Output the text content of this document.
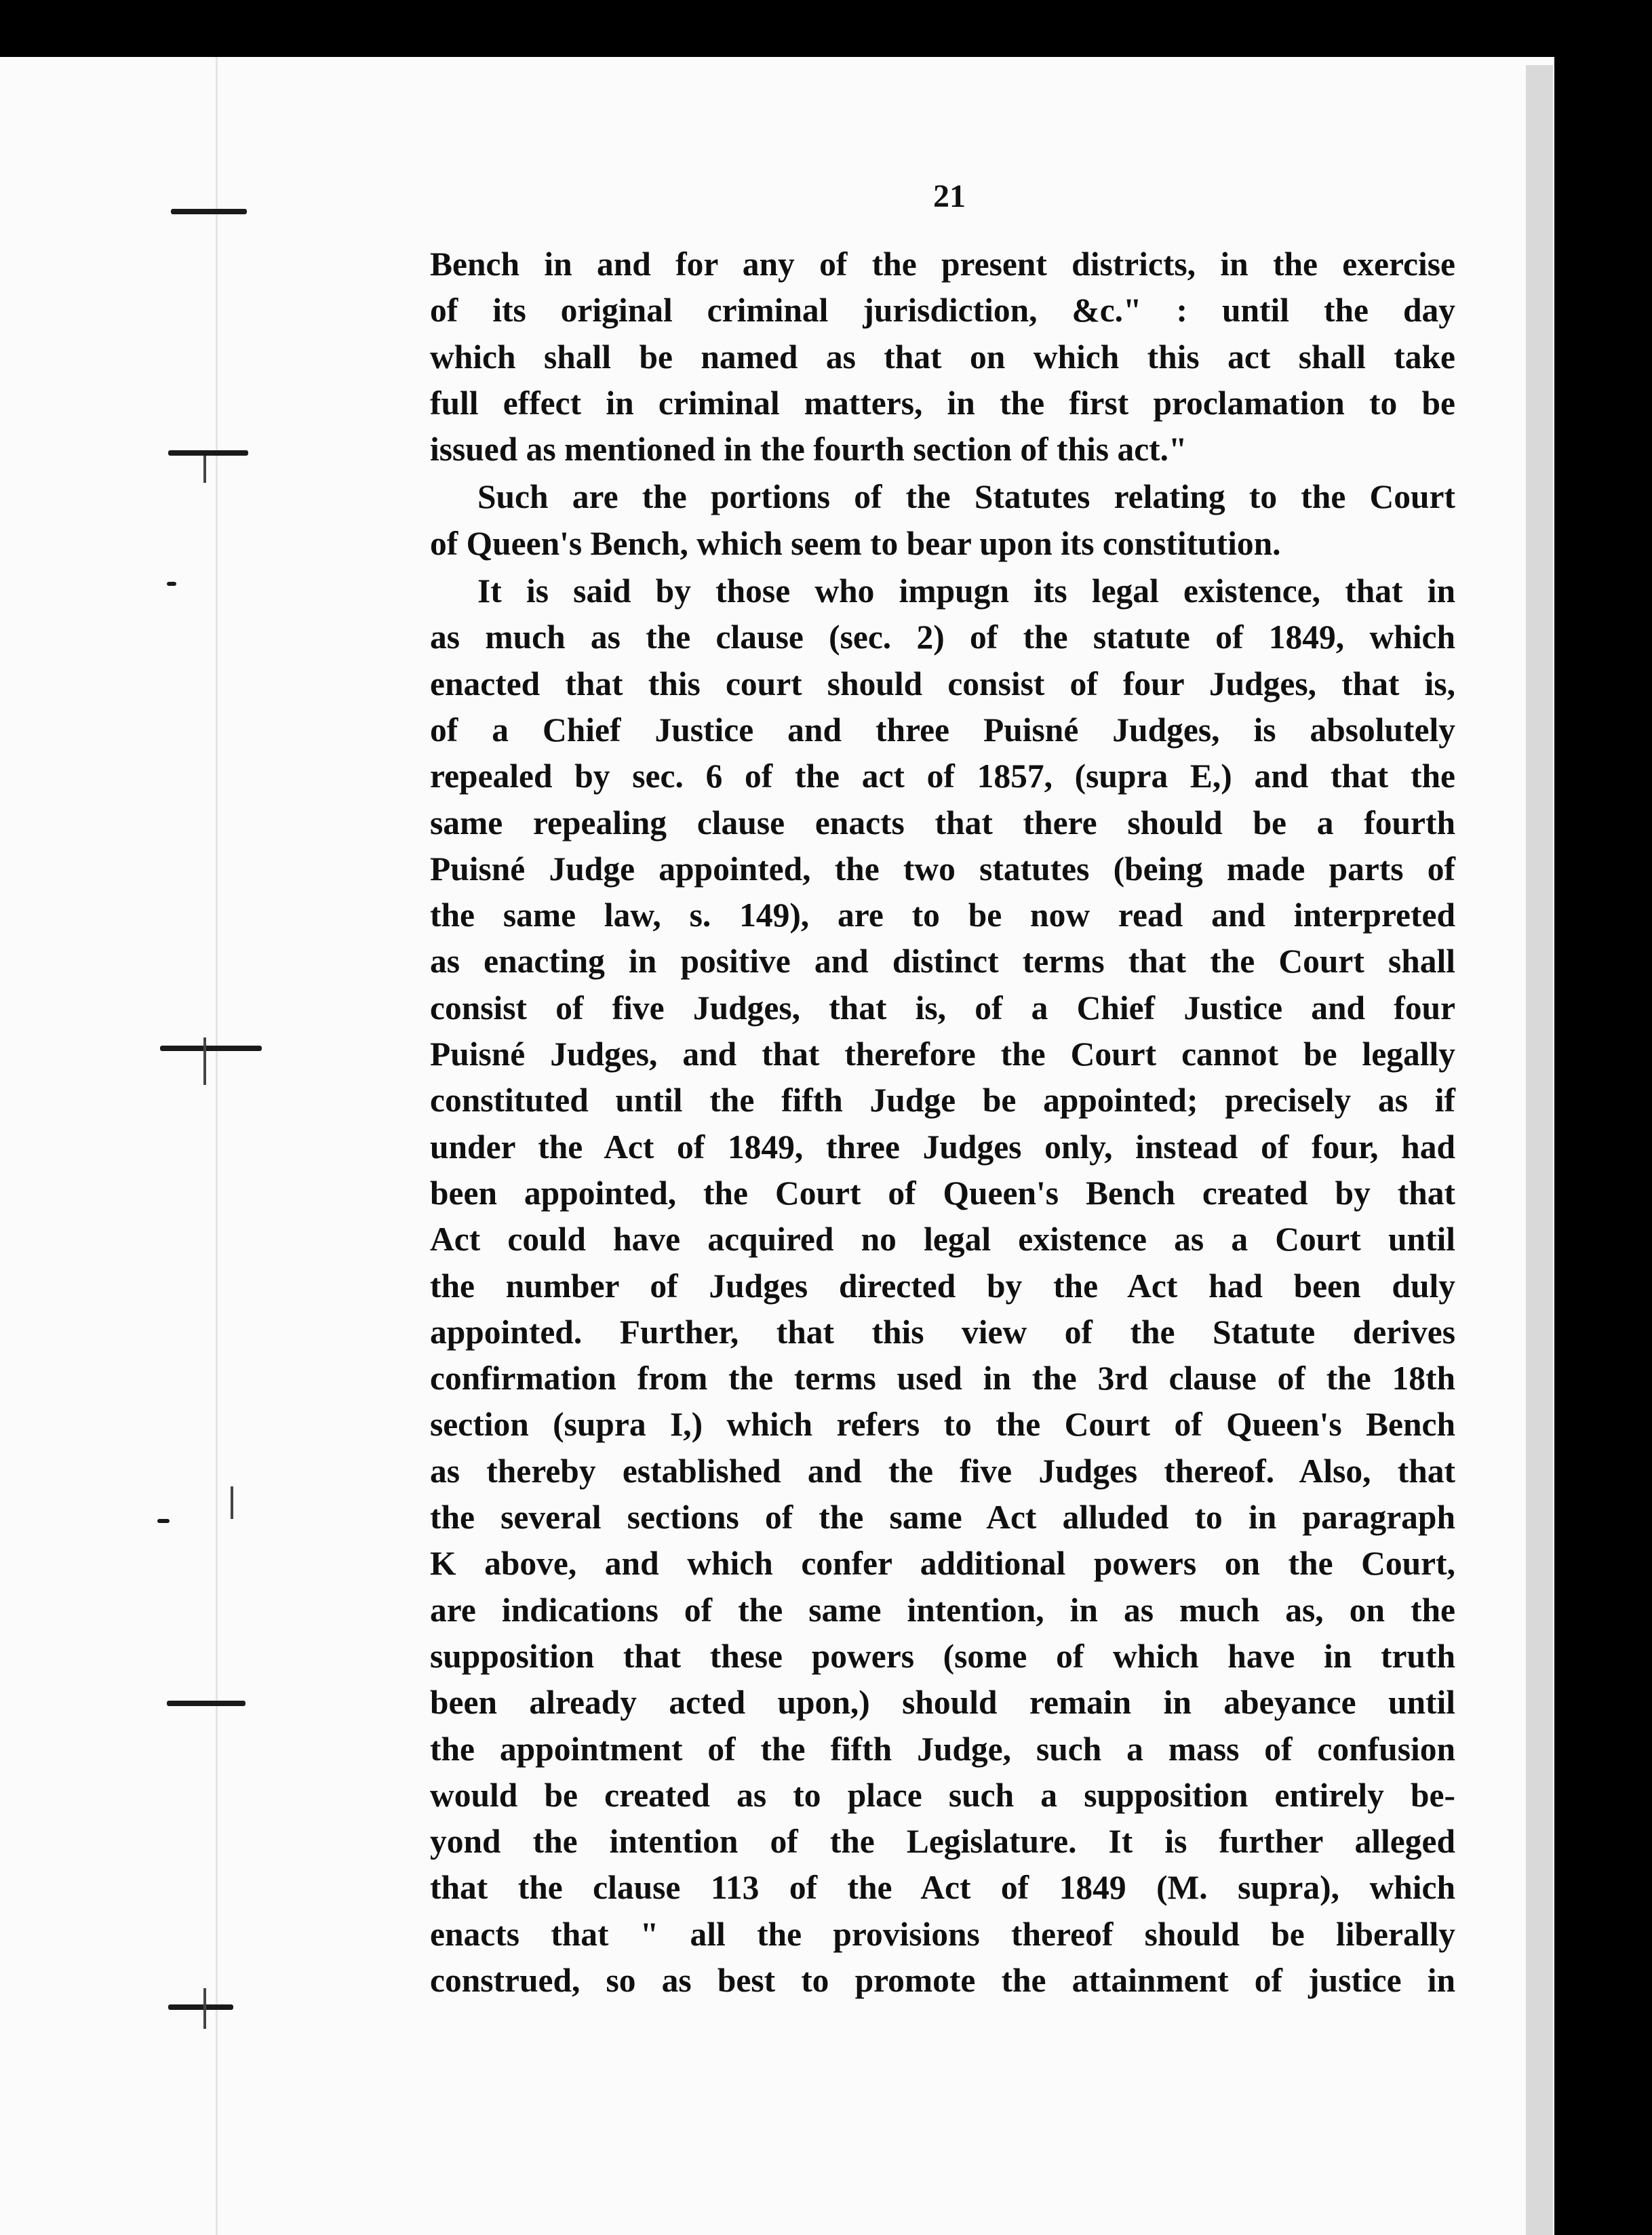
21
Bench in and for any of the present districts, in the exercise
of its original criminal jurisdiction, &c." : until the day
which shall be named as that on which this act shall take
full effect in criminal matters, in the first proclamation to be
issued as mentioned in the fourth section of this act."
Such are the portions of the Statutes relating to the Court
of Queen's Bench, which seem to bear upon its constitution.
It is said by those who impugn its legal existence, that in
as much as the clause (sec. 2) of the statute of 1849, which
enacted that this court should consist of four Judges, that is,
of a Chief Justice and three Puisné Judges, is absolutely
repealed by sec. 6 of the act of 1857, (supra E,) and that the
same repealing clause enacts that there should be a fourth
Puisné Judge appointed, the two statutes (being made parts of
the same law, s. 149), are to be now read and interpreted
as enacting in positive and distinct terms that the Court shall
consist of five Judges, that is, of a Chief Justice and four
Puisné Judges, and that therefore the Court cannot be legally
constituted until the fifth Judge be appointed; precisely as if
under the Act of 1849, three Judges only, instead of four, had
been appointed, the Court of Queen's Bench created by that
Act could have acquired no legal existence as a Court until
the number of Judges directed by the Act had been duly
appointed. Further, that this view of the Statute derives
confirmation from the terms used in the 3rd clause of the 18th
section (supra I,) which refers to the Court of Queen's Bench
as thereby established and the five Judges thereof. Also, that
the several sections of the same Act alluded to in paragraph
K above, and which confer additional powers on the Court,
are indications of the same intention, in as much as, on the
supposition that these powers (some of which have in truth
been already acted upon,) should remain in abeyance until
the appointment of the fifth Judge, such a mass of confusion
would be created as to place such a supposition entirely be-
yond the intention of the Legislature. It is further alleged
that the clause 113 of the Act of 1849 (M. supra), which
enacts that " all the provisions thereof should be liberally
construed, so as best to promote the attainment of justice in
